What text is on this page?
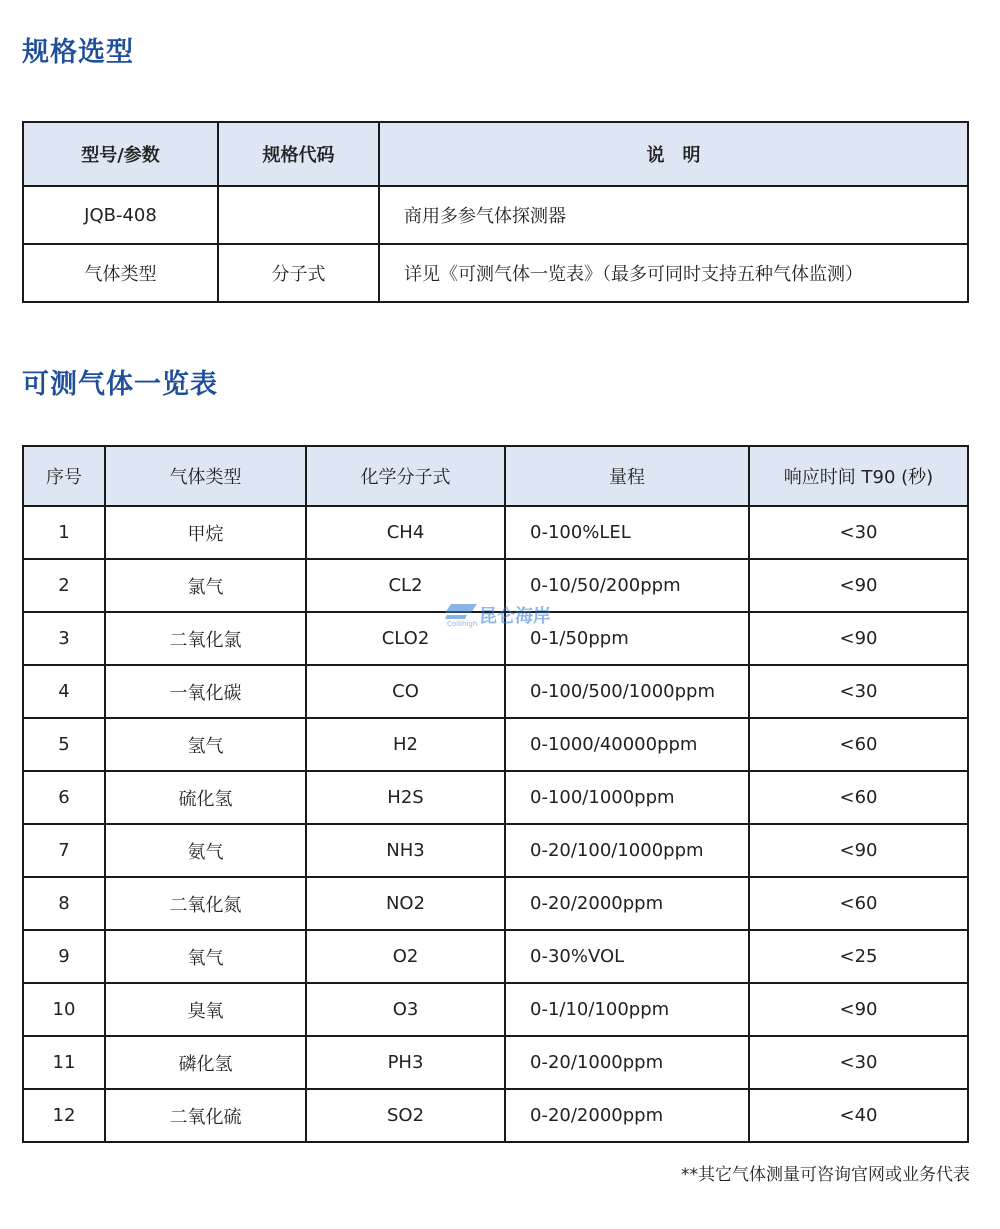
规格选型
型号/参数	规格代码	说　明
JQB-408		商用多参气体探测器
气体类型	分子式	详见《可测气体一览表》（最多可同时支持五种气体监测）
可测气体一览表
序号	气体类型	化学分子式	量程	响应时间 T90 (秒)
1	甲烷	CH4	0-100%LEL	<30
2	氯气	CL2	0-10/50/200ppm	<90
3	二氧化氯	CLO2	0-1/50ppm	<90
4	一氧化碳	CO	0-100/500/1000ppm	<30
5	氢气	H2	0-1000/40000ppm	<60
6	硫化氢	H2S	0-100/1000ppm	<60
7	氨气	NH3	0-20/100/1000ppm	<90
8	二氧化氮	NO2	0-20/2000ppm	<60
9	氧气	O2	0-30%VOL	<25
10	臭氧	O3	0-1/10/100ppm	<90
11	磷化氢	PH3	0-20/1000ppm	<30
12	二氧化硫	SO2	0-20/2000ppm	<40
昆仑海岸
Collihigh

**其它气体测量可咨询官网或业务代表
